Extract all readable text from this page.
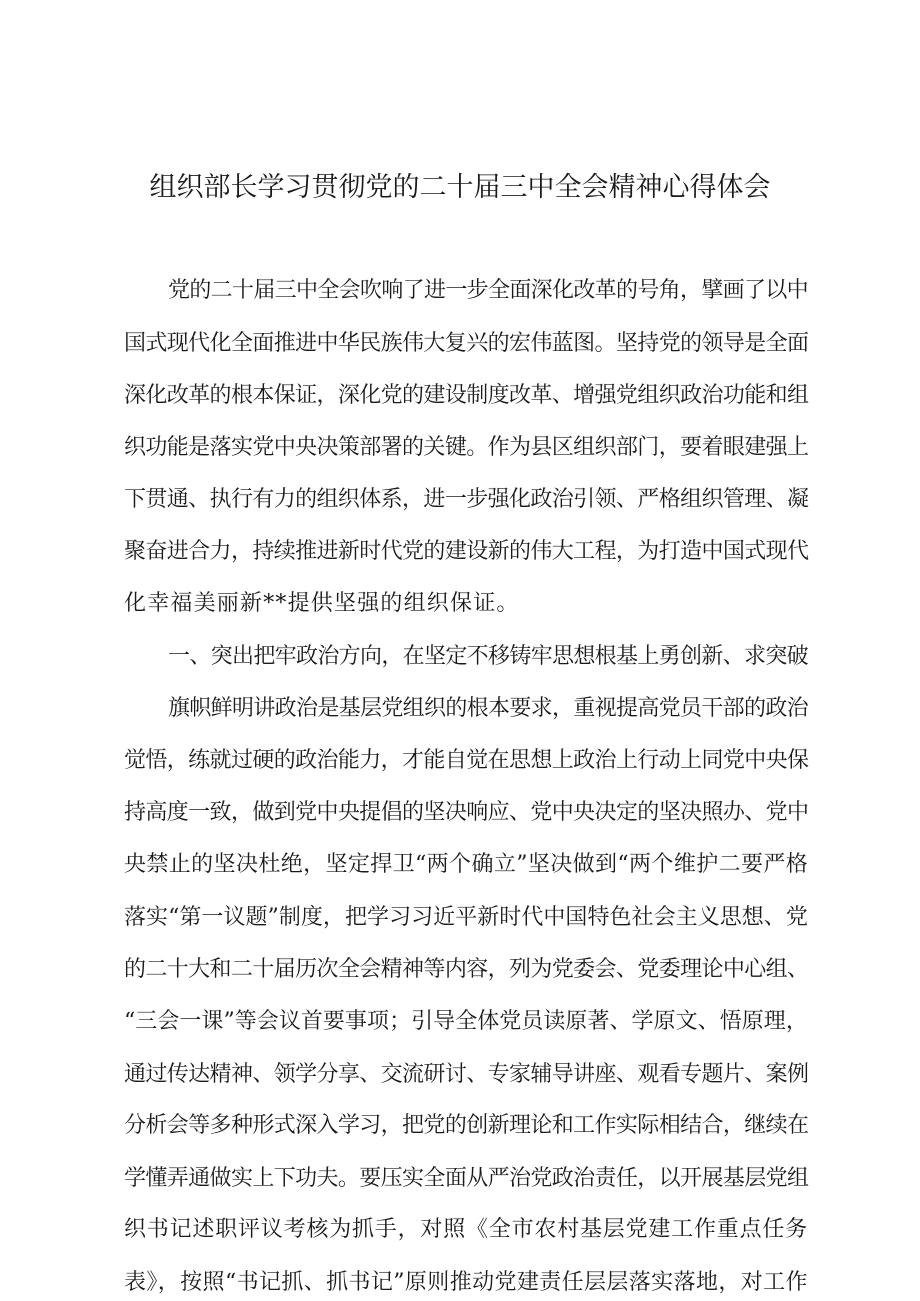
组织部长学习贯彻党的二十届三中全会精神心得体会
党的二十届三中全会吹响了进一步全面深化改革的号角，擘画了以中
国式现代化全面推进中华民族伟大复兴的宏伟蓝图。坚持党的领导是全面
深化改革的根本保证，深化党的建设制度改革、增强党组织政治功能和组
织功能是落实党中央决策部署的关键。作为县区组织部门，要着眼建强上
下贯通、执行有力的组织体系，进一步强化政治引领、严格组织管理、凝
聚奋进合力，持续推进新时代党的建设新的伟大工程，为打造中国式现代
化幸福美丽新**提供坚强的组织保证。
一、突出把牢政治方向，在坚定不移铸牢思想根基上勇创新、求突破
旗帜鲜明讲政治是基层党组织的根本要求，重视提高党员干部的政治
觉悟，练就过硬的政治能力，才能自觉在思想上政治上行动上同党中央保
持高度一致，做到党中央提倡的坚决响应、党中央决定的坚决照办、党中
央禁止的坚决杜绝，坚定捍卫“两个确立”坚决做到“两个维护二要严格
落实“第一议题”制度，把学习习近平新时代中国特色社会主义思想、党
的二十大和二十届历次全会精神等内容，列为党委会、党委理论中心组、
“三会一课”等会议首要事项；引导全体党员读原著、学原文、悟原理，
通过传达精神、领学分享、交流研讨、专家辅导讲座、观看专题片、案例
分析会等多种形式深入学习，把党的创新理论和工作实际相结合，继续在
学懂弄通做实上下功夫。要压实全面从严治党政治责任，以开展基层党组
织书记述职评议考核为抓手，对照《全市农村基层党建工作重点任务
表》，按照“书记抓、抓书记”原则推动党建责任层层落实落地，对工作
